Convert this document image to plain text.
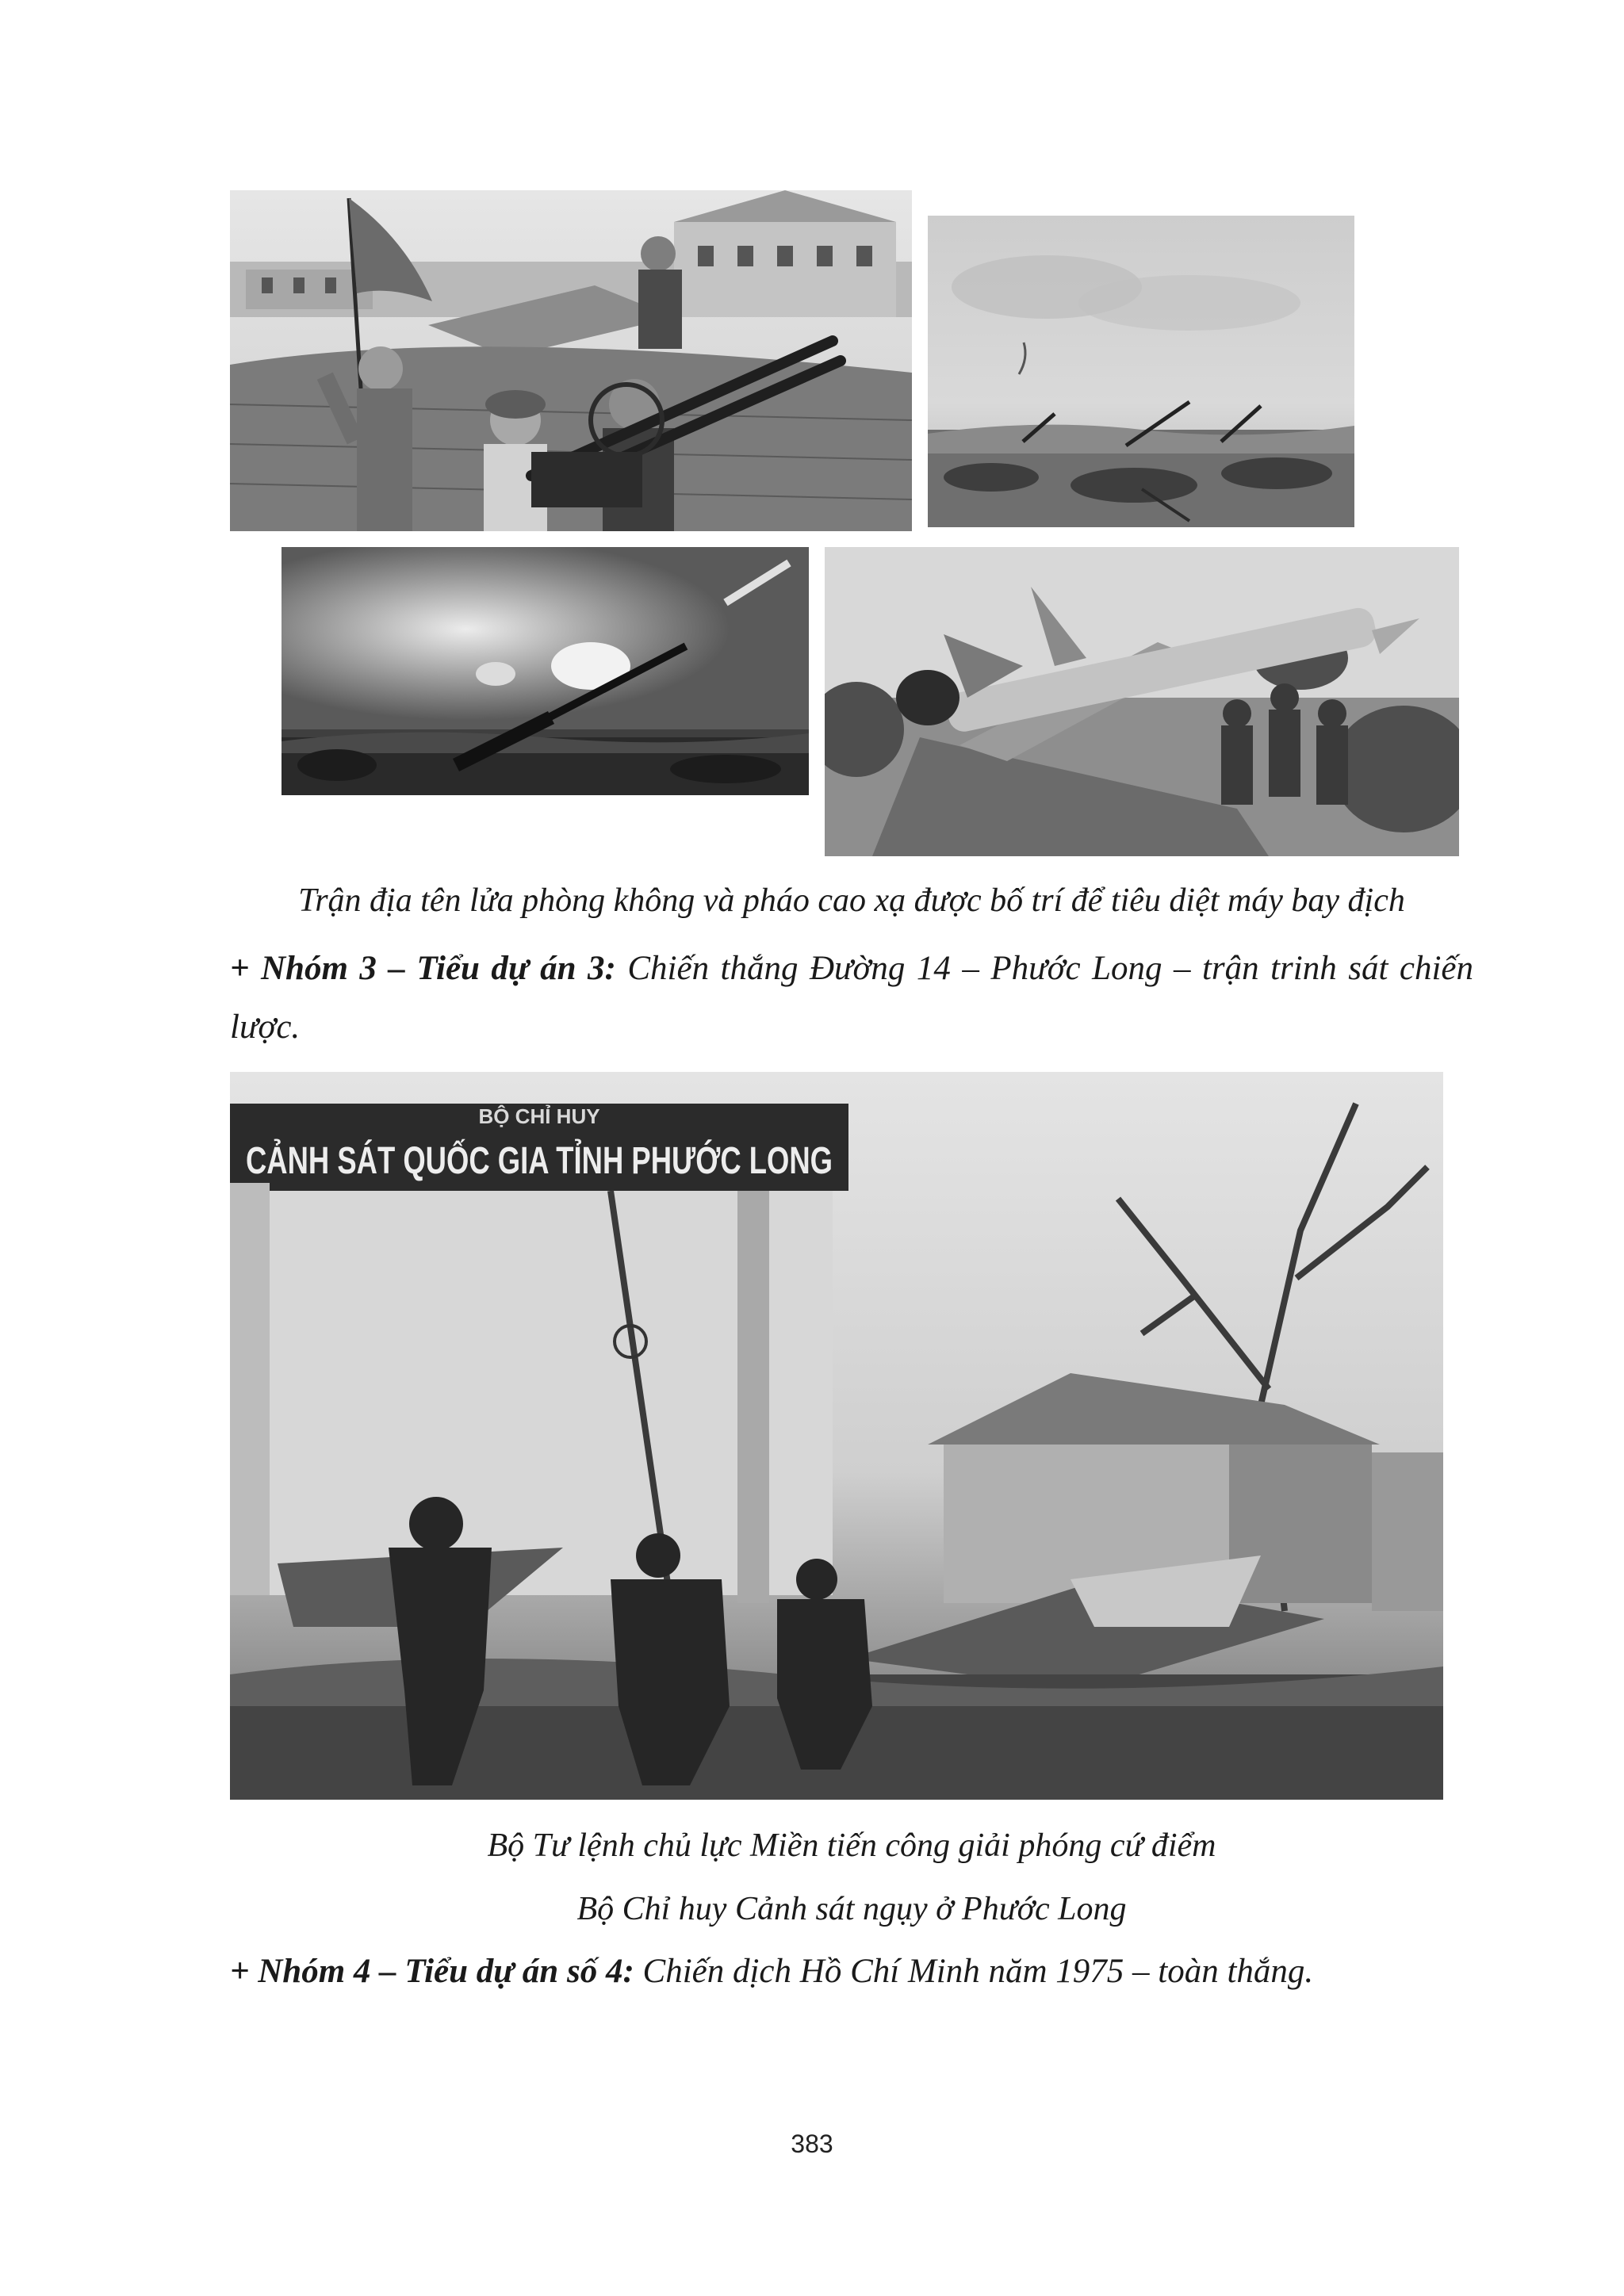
Trận địa tên lửa phòng không và pháo cao xạ được bố trí để tiêu diệt máy bay địch
+ Nhóm 3 – Tiểu dự án 3: Chiến thắng Đường 14 – Phước Long – trận trinh sát chiến lược.
BỘ CHỈ HUY
CẢNH SÁT QUỐC GIA TỈNH PHƯỚC LONG
Bộ Tư lệnh chủ lực Miền tiến công giải phóng cứ điểm
Bộ Chỉ huy Cảnh sát ngụy ở Phước Long
+ Nhóm 4 – Tiểu dự án số 4: Chiến dịch Hồ Chí Minh năm 1975 – toàn thắng.
383
